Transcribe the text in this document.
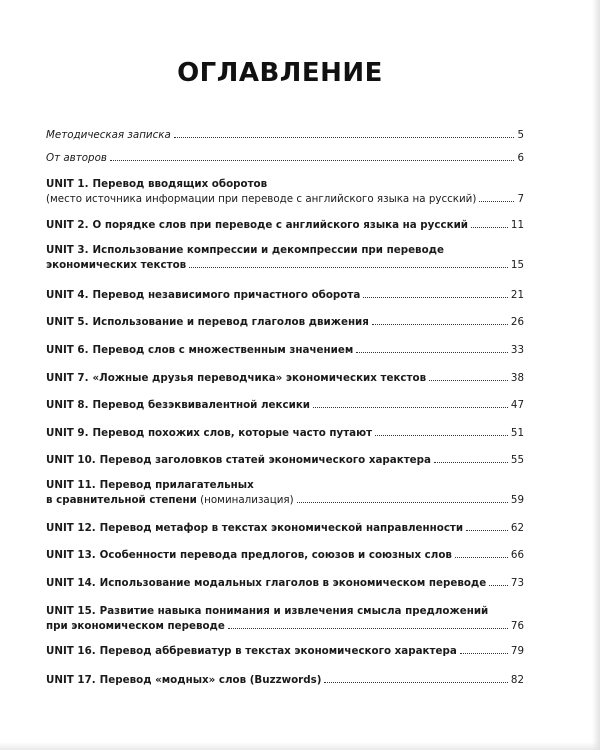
ОГЛАВЛЕНИЕ
Методическая записка	5
От авторов	6
UNIT 1. Перевод вводящих оборотов
(место источника информации при переводе с английского языка на русский)	7
UNIT 2. О порядке слов при переводе с английского языка на русский	11
UNIT 3. Использование компрессии и декомпрессии при переводе
экономических текстов	15
UNIT 4. Перевод независимого причастного оборота	21
UNIT 5. Использование и перевод глаголов движения	26
UNIT 6. Перевод слов с множественным значением	33
UNIT 7. «Ложные друзья переводчика» экономических текстов	38
UNIT 8. Перевод безэквивалентной лексики	47
UNIT 9. Перевод похожих слов, которые часто путают	51
UNIT 10. Перевод заголовков статей экономического характера	55
UNIT 11. Перевод прилагательных
в сравнительной степени
(номинализация)	59
UNIT 12. Перевод метафор в текстах экономической направленности	62
UNIT 13. Особенности перевода предлогов, союзов и союзных слов	66
UNIT 14. Использование модальных глаголов в экономическом переводе 73
UNIT 15. Развитие навыка понимания и извлечения смысла предложений
при экономическом переводе	76
UNIT 16. Перевод аббревиатур в текстах экономического характера	79
UNIT 17. Перевод «модных» слов (Buzzwords)	82
